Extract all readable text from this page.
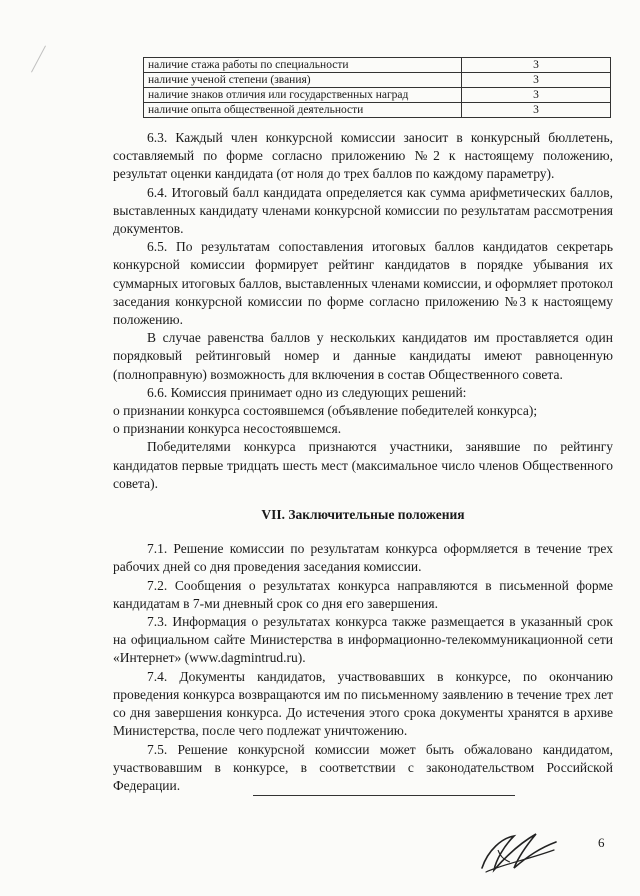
наличие стажа работы по специальности	3
наличие ученой степени (звания)	3
наличие знаков отличия или государственных наград	3
наличие опыта общественной деятельности	3

6.3. Каждый член конкурсной комиссии заносит в конкурсный бюллетень, составляемый по форме согласно приложению №2 к настоящему положению, результат оценки кандидата (от ноля до трех баллов по каждому параметру).

6.4. Итоговый балл кандидата определяется как сумма арифметических баллов, выставленных кандидату членами конкурсной комиссии по результатам рассмотрения документов.

6.5. По результатам сопоставления итоговых баллов кандидатов секретарь конкурсной комиссии формирует рейтинг кандидатов в порядке убывания их суммарных итоговых баллов, выставленных членами комиссии, и оформляет протокол заседания конкурсной комиссии по форме согласно приложению №3 к настоящему положению.

В случае равенства баллов у нескольких кандидатов им проставляется один порядковый рейтинговый номер и данные кандидаты имеют равноценную (полноправную) возможность для включения в состав Общественного совета.

6.6. Комиссия принимает одно из следующих решений:

о признании конкурса состоявшемся (объявление победителей конкурса);

о признании конкурса несостоявшемся.

Победителями конкурса признаются участники, занявшие по рейтингу кандидатов первые тридцать шесть мест (максимальное число членов Общественного совета).

VII. Заключительные положения

7.1. Решение комиссии по результатам конкурса оформляется в течение трех рабочих дней со дня проведения заседания комиссии.

7.2. Сообщения о результатах конкурса направляются в письменной форме кандидатам в 7-ми дневный срок со дня его завершения.

7.3. Информация о результатах конкурса также размещается в указанный срок на официальном сайте Министерства в информационно-телекоммуникационной сети «Интернет» (www.dagmintrud.ru).

7.4. Документы кандидатов, участвовавших в конкурсе, по окончанию проведения конкурса возвращаются им по письменному заявлению в течение трех лет со дня завершения конкурса. До истечения этого срока документы хранятся в архиве Министерства, после чего подлежат уничтожению.

7.5. Решение конкурсной комиссии может быть обжаловано кандидатом, участвовавшим в конкурсе, в соответствии с законодательством Российской Федерации.

6
